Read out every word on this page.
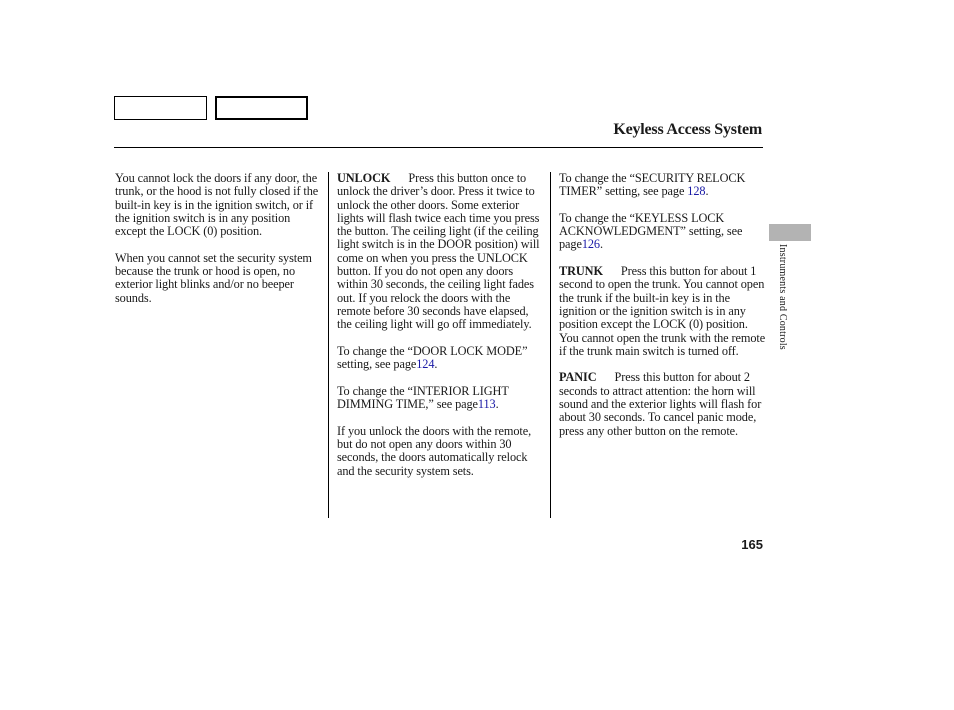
Keyless Access System

You cannot lock the doors if any door, the trunk, or the hood is not fully closed if the built-in key is in the ignition switch, or if the ignition switch is in any position except the LOCK (0) position.

When you cannot set the security system because the trunk or hood is open, no exterior light blinks and/or no beeper sounds.

UNLOCK Press this button once to unlock the driver’s door. Press it twice to unlock the other doors. Some exterior lights will flash twice each time you press the button. The ceiling light (if the ceiling light switch is in the DOOR position) will come on when you press the UNLOCK button. If you do not open any doors within 30 seconds, the ceiling light fades out. If you relock the doors with the remote before 30 seconds have elapsed, the ceiling light will go off immediately.

To change the “DOOR LOCK MODE” setting, see page124.

To change the “INTERIOR LIGHT DIMMING TIME,” see page113.

If you unlock the doors with the remote, but do not open any doors within 30 seconds, the doors automatically relock and the security system sets.

To change the “SECURITY RELOCK TIMER” setting, see page 128.

To change the “KEYLESS LOCK ACKNOWLEDGMENT” setting, see page126.

TRUNK Press this button for about 1 second to open the trunk. You cannot open the trunk if the built-in key is in the ignition or the ignition switch is in any position except the LOCK (0) position. You cannot open the trunk with the remote if the trunk main switch is turned off.

PANIC Press this button for about 2 seconds to attract attention: the horn will sound and the exterior lights will flash for about 30 seconds. To cancel panic mode, press any other button on the remote.

Instruments and Controls
165
